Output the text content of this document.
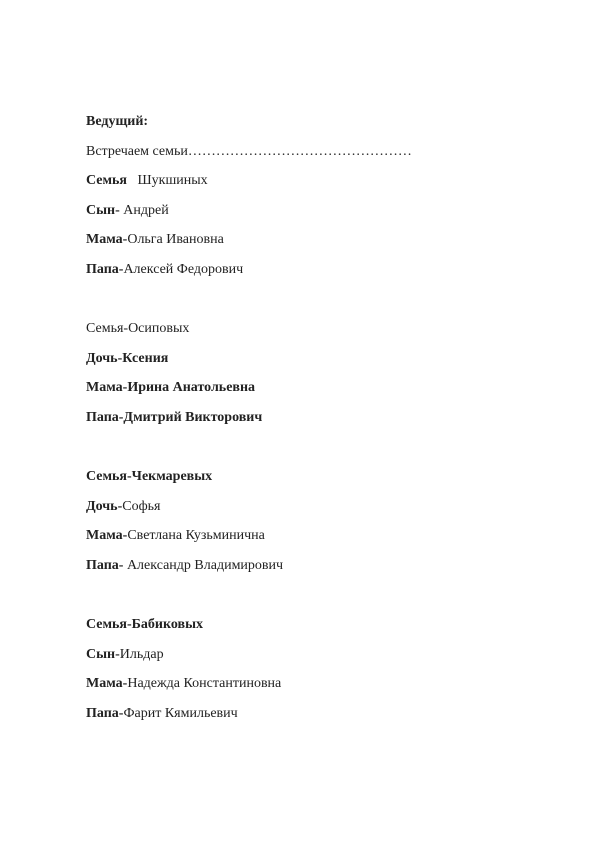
Ведущий:
Встречаем семьи…………………………………………
Семья   Шукшиных
Сын- Андрей
Мама-Ольга Ивановна
Папа-Алексей Федорович
Семья-Осиповых
Дочь-Ксения
Мама-Ирина Анатольевна
Папа-Дмитрий Викторович
Семья-Чекмаревых
Дочь-Софья
Мама-Светлана Кузьминична
Папа- Александр Владимирович
Семья-Бабиковых
Сын-Ильдар
Мама-Надежда Константиновна
Папа-Фарит Кямильевич
